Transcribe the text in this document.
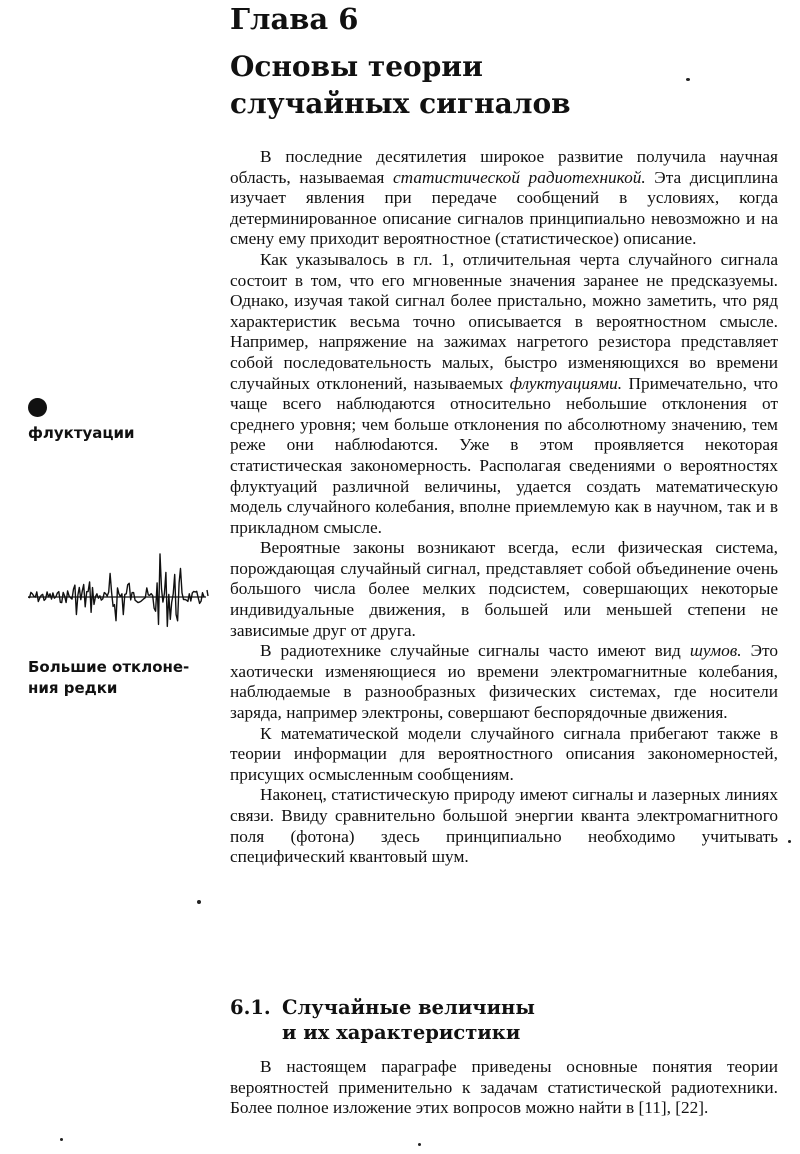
Глава 6
Основы теории
случайных сигналов

В последние десятилетия широкое развитие получила научная область, называемая статистической радиотехникой. Эта дисциплина изучает явления при передаче сообщений в условиях, когда детерминированное описание сигналов принципиально невозможно и на смену ему приходит вероятностное (статистическое) описание.

Как указывалось в гл. 1, отличительная черта случайного сигнала состоит в том, что его мгновенные значения заранее не предсказуемы. Однако, изучая такой сигнал более пристально, можно заметить, что ряд характеристик весьма точно описывается в вероятностном смысле. Например, напряжение на зажимах нагретого резистора представляет собой последовательность малых, быстро изменяющихся во времени случайных отклонений, называемых флуктуациями. Примечательно, что чаще всего наблюдаются относительно небольшие отклонения от среднего уровня; чем больше отклонения по абсолютному значению, тем реже они наблюdаются. Уже в этом проявляется некоторая статистическая закономерность. Располагая сведениями о вероятностях флуктуаций различной величины, удается создать математическую модель случайного колебания, вполне приемлемую как в научном, так и в прикладном смысле.

Вероятные законы возникают всегда, если физическая система, порождающая случайный сигнал, представляет собой объединение очень большого числа более мелких подсистем, совершающих некоторые индивидуальные движения, в большей или меньшей степени не зависимые друг от друга.

В радиотехнике случайные сигналы часто имеют вид шумов. Это хаотически изменяющиеся ио времени электромагнитные колебания, наблюдаемые в разнообразных физических системах, где носители заряда, например электроны, совершают беспорядочные движения.

К математической модели случайного сигнала прибегают также в теории информации для вероятностного описания закономерностей, присущих осмысленным сообщениям.

Наконец, статистическую природу имеют сигналы и лазерных линиях связи. Ввиду сравнительно большой энергии кванта электромагнитного поля (фотона) здесь принципиально необходимо учитывать специфический квантовый шум.

6.1. Случайные величины
и их характеристики

В настоящем параграфе приведены основные понятия теории вероятностей применительно к задачам статистической радиотехники. Более полное изложение этих вопросов можно найти в [11], [22].

флуктуации

Большие отклоне-
ния редки
